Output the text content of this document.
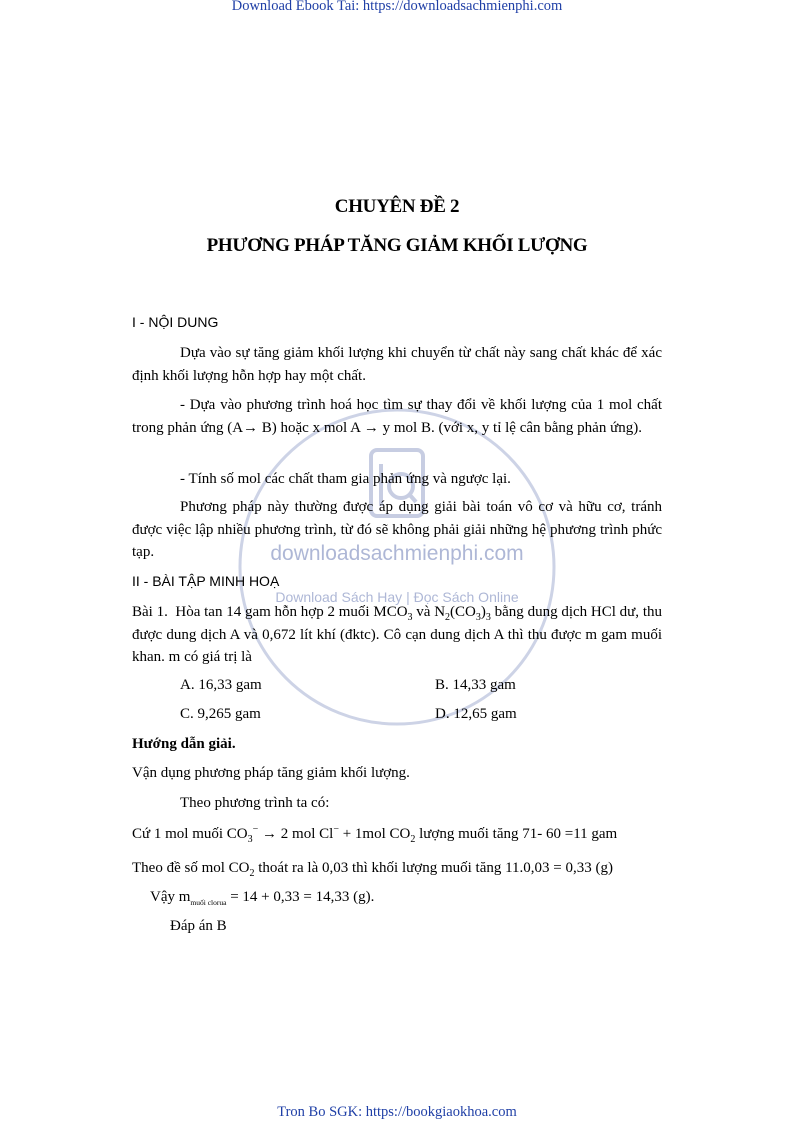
Download Ebook Tai: https://downloadsachmienphi.com
Tron Bo SGK: https://bookgiaokhoa.com
downloadsachmienphi.com
Download Sách Hay | Đọc Sách Online
CHUYÊN ĐỀ 2
PHƯƠNG PHÁP TĂNG GIẢM KHỐI LƯỢNG
I - NỘI DUNG
Dựa vào sự tăng giảm khối lượng khi chuyển từ chất này sang chất khác để xác định khối lượng hỗn hợp hay một chất.
- Dựa vào phương trình hoá học tìm sự thay đổi về khối lượng của 1 mol chất trong phản ứng (A→ B) hoặc x mol A → y mol B. (với x, y tỉ lệ cân bằng phản ứng).
- Tính số mol các chất tham gia phản ứng và ngược lại.
Phương pháp này thường được áp dụng giải bài toán vô cơ và hữu cơ, tránh được việc lập nhiều phương trình, từ đó sẽ không phải giải những hệ phương trình phức tạp.
II - BÀI TẬP MINH HOẠ
Bài 1. Hòa tan 14 gam hỗn hợp 2 muối $MCO_3$ và $N_2(CO_3)_3$ bằng dung dịch HCl dư, thu được dung dịch A và 0,672 lít khí (đktc). Cô cạn dung dịch A thì thu được m gam muối khan. m có giá trị là
A. 16,33 gam	B. 14,33 gam
C. 9,265 gam	D. 12,65 gam
Hướng dẫn giải.
Vận dụng phương pháp tăng giảm khối lượng.
Theo phương trình ta có:
Cứ 1 mol muối $CO_3^- \to 2$ mol Cl− + 1mol $CO_2$ lượng muối tăng 71- 60 =11 gam
Theo đề số mol $CO_2$ thoát ra là 0,03 thì khối lượng muối tăng 11.0,03 = 0,33 (g)
Vậy $m_{muối clorua} = 14 + 0,33 = 14,33$ (g).
Đáp án B
